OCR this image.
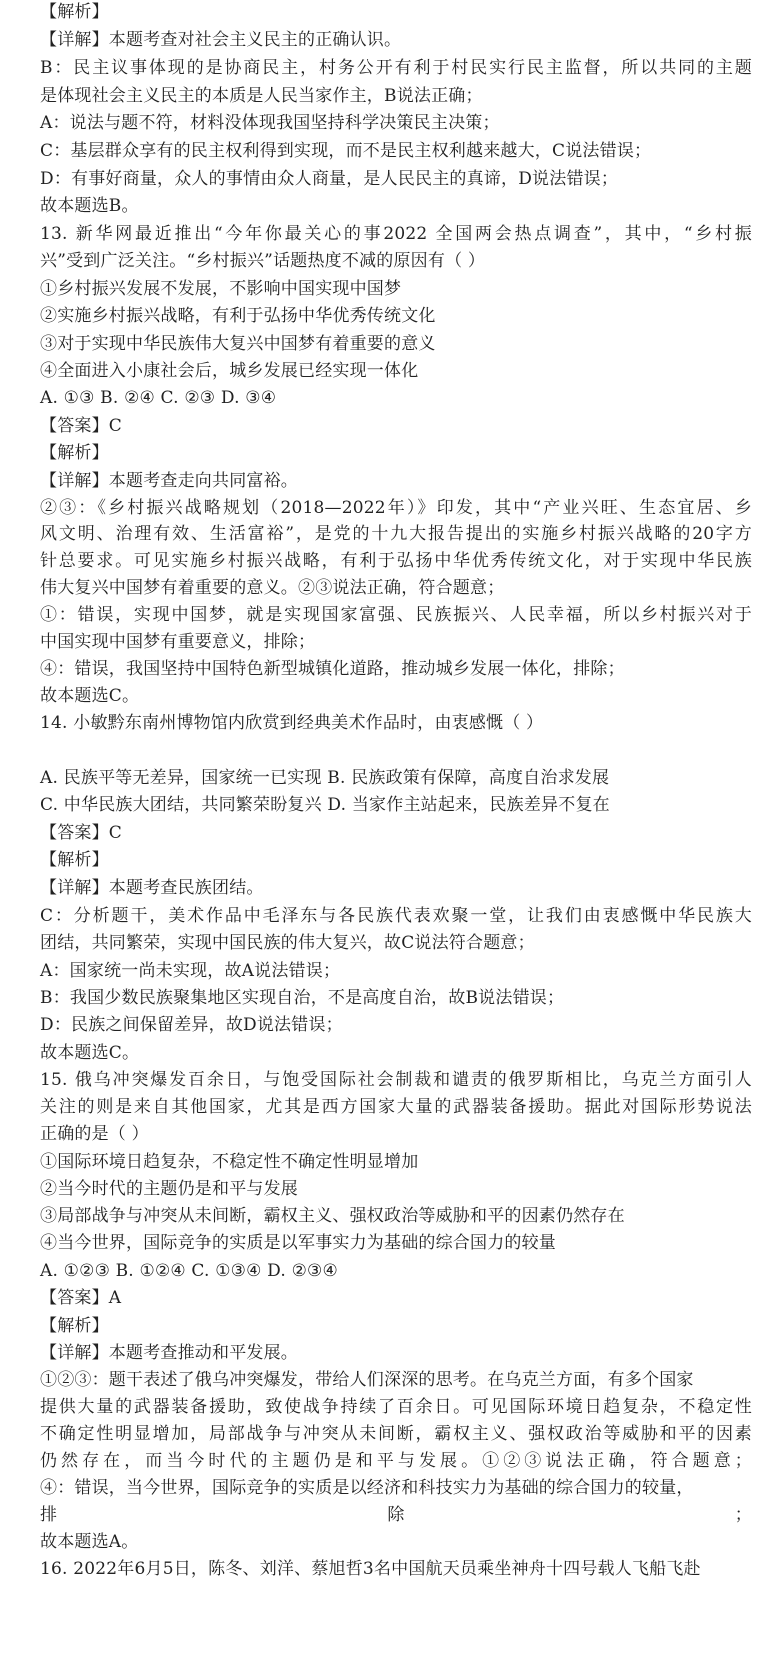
【解析】
【详解】本题考查对社会主义民主的正确认识。
B：民主议事体现的是协商民主，村务公开有利于村民实行民主监督，所以共同的主题
是体现社会主义民主的本质是人民当家作主，B说法正确；
A：说法与题不符，材料没体现我国坚持科学决策民主决策；
C：基层群众享有的民主权利得到实现，而不是民主权利越来越大，C说法错误；
D：有事好商量，众人的事情由众人商量，是人民民主的真谛，D说法错误；
故本题选B。
13. 新华网最近推出“今年你最关心的事2022 全国两会热点调查”，其中，“乡村振
兴”受到广泛关注。“乡村振兴”话题热度不减的原因有（ ）
①乡村振兴发展不发展，不影响中国实现中国梦
②实施乡村振兴战略，有利于弘扬中华优秀传统文化
③对于实现中华民族伟大复兴中国梦有着重要的意义
④全面进入小康社会后，城乡发展已经实现一体化
A. ①③ B. ②④ C. ②③ D. ③④
【答案】C
【解析】
【详解】本题考查走向共同富裕。
②③：《乡村振兴战略规划（2018—2022年）》印发，其中“产业兴旺、生态宜居、乡
风文明、治理有效、生活富裕”，是党的十九大报告提出的实施乡村振兴战略的20字方
针总要求。可见实施乡村振兴战略，有利于弘扬中华优秀传统文化，对于实现中华民族
伟大复兴中国梦有着重要的意义。②③说法正确，符合题意；
①：错误，实现中国梦，就是实现国家富强、民族振兴、人民幸福，所以乡村振兴对于
中国实现中国梦有重要意义，排除；
④：错误，我国坚持中国特色新型城镇化道路，推动城乡发展一体化，排除；
故本题选C。
14. 小敏黔东南州博物馆内欣赏到经典美术作品时，由衷感慨（ ）
A. 民族平等无差异，国家统一已实现 B. 民族政策有保障，高度自治求发展
C. 中华民族大团结，共同繁荣盼复兴 D. 当家作主站起来，民族差异不复在
【答案】C
【解析】
【详解】本题考查民族团结。
C：分析题干，美术作品中毛泽东与各民族代表欢聚一堂，让我们由衷感慨中华民族大
团结，共同繁荣，实现中国民族的伟大复兴，故C说法符合题意；
A：国家统一尚未实现，故A说法错误；
B：我国少数民族聚集地区实现自治，不是高度自治，故B说法错误；
D：民族之间保留差异，故D说法错误；
故本题选C。
15. 俄乌冲突爆发百余日，与饱受国际社会制裁和谴责的俄罗斯相比，乌克兰方面引人
关注的则是来自其他国家，尤其是西方国家大量的武器装备援助。据此对国际形势说法
正确的是（ ）
①国际环境日趋复杂，不稳定性不确定性明显增加
②当今时代的主题仍是和平与发展
③局部战争与冲突从未间断，霸权主义、强权政治等威胁和平的因素仍然存在
④当今世界，国际竞争的实质是以军事实力为基础的综合国力的较量
A. ①②③ B. ①②④ C. ①③④ D. ②③④
【答案】A
【解析】
【详解】本题考查推动和平发展。
①②③：题干表述了俄乌冲突爆发，带给人们深深的思考。在乌克兰方面，有多个国家
提供大量的武器装备援助，致使战争持续了百余日。可见国际环境日趋复杂，不稳定性
不确定性明显增加，局部战争与冲突从未间断，霸权主义、强权政治等威胁和平的因素
仍然存在，而当今时代的主题仍是和平与发展。①②③说法正确，符合题意；
④：错误，当今世界，国际竞争的实质是以经济和科技实力为基础的综合国力的较量，
排除；
故本题选A。
16. 2022年6月5日，陈冬、刘洋、蔡旭哲3名中国航天员乘坐神舟十四号载人飞船飞赴
